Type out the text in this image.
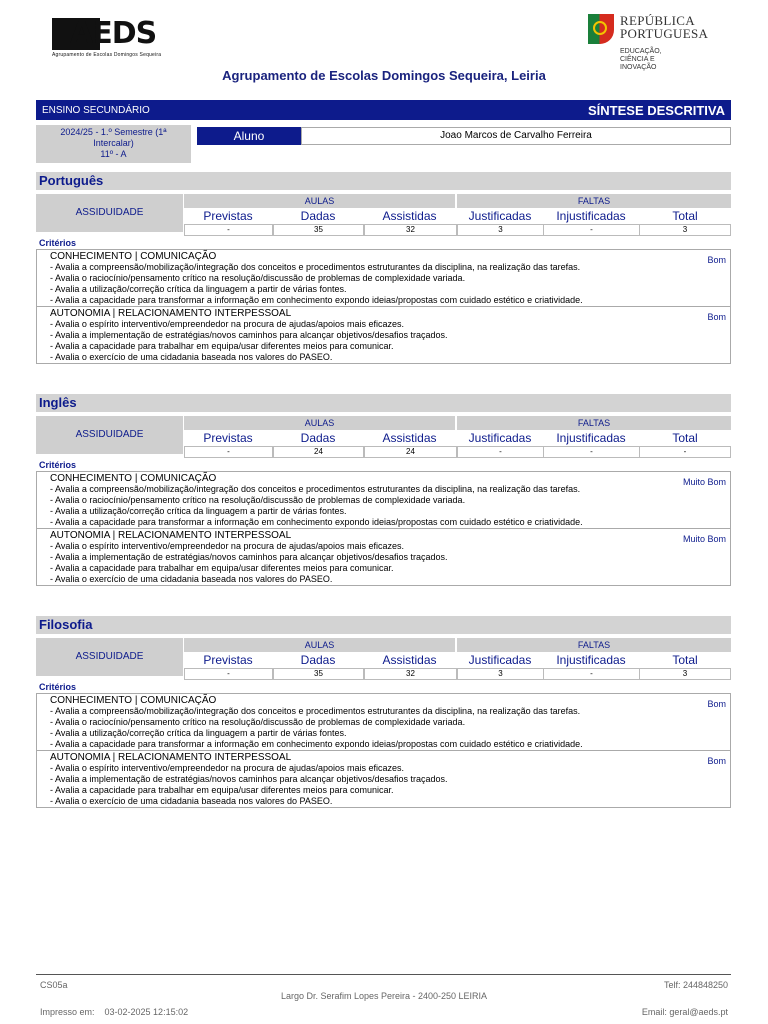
AEDS
Agrupamento de Escolas Domingos Sequeira
REPÚBLICA
PORTUGUESA
EDUCAÇÃO, CIÊNCIA E INOVAÇÃO
Agrupamento de Escolas Domingos Sequeira, Leiria
ENSINO SECUNDÁRIO	SÍNTESE DESCRITIVA
2024/25 - 1.º Semestre (1ª
Intercalar)
11º - A
Aluno	Joao Marcos de Carvalho Ferreira
Português
ASSIDUIDADE
AULAS	FALTAS
Previstas	Dadas	Assistidas	Justificadas	Injustificadas	Total
-	35	32	3	-	3
Critérios
CONHECIMENTO | COMUNICAÇÃO
- Avalia a compreensão/mobilização/integração dos conceitos e procedimentos estruturantes da disciplina, na realização das tarefas.
- Avalia o raciocínio/pensamento crítico na resolução/discussão de problemas de complexidade variada.
- Avalia a utilização/correção crítica da linguagem a partir de várias fontes.
- Avalia a capacidade para transformar a informação em conhecimento expondo ideias/propostas com cuidado estético e criatividade.
Bom
AUTONOMIA | RELACIONAMENTO INTERPESSOAL
- Avalia o espírito interventivo/empreendedor na procura de ajudas/apoios mais eficazes.
- Avalia a implementação de estratégias/novos caminhos para alcançar objetivos/desafios traçados.
- Avalia a capacidade para trabalhar em equipa/usar diferentes meios para comunicar.
- Avalia o exercício de uma cidadania baseada nos valores do PASEO.
Bom
Inglês
ASSIDUIDADE
AULAS	FALTAS
Previstas	Dadas	Assistidas	Justificadas	Injustificadas	Total
-	24	24	-	-	-
Critérios
CONHECIMENTO | COMUNICAÇÃO
- Avalia a compreensão/mobilização/integração dos conceitos e procedimentos estruturantes da disciplina, na realização das tarefas.
- Avalia o raciocínio/pensamento crítico na resolução/discussão de problemas de complexidade variada.
- Avalia a utilização/correção crítica da linguagem a partir de várias fontes.
- Avalia a capacidade para transformar a informação em conhecimento expondo ideias/propostas com cuidado estético e criatividade.
Muito Bom
AUTONOMIA | RELACIONAMENTO INTERPESSOAL
- Avalia o espírito interventivo/empreendedor na procura de ajudas/apoios mais eficazes.
- Avalia a implementação de estratégias/novos caminhos para alcançar objetivos/desafios traçados.
- Avalia a capacidade para trabalhar em equipa/usar diferentes meios para comunicar.
- Avalia o exercício de uma cidadania baseada nos valores do PASEO.
Muito Bom
Filosofia
ASSIDUIDADE
AULAS	FALTAS
Previstas	Dadas	Assistidas	Justificadas	Injustificadas	Total
-	35	32	3	-	3
Critérios
CONHECIMENTO | COMUNICAÇÃO
- Avalia a compreensão/mobilização/integração dos conceitos e procedimentos estruturantes da disciplina, na realização das tarefas.
- Avalia o raciocínio/pensamento crítico na resolução/discussão de problemas de complexidade variada.
- Avalia a utilização/correção crítica da linguagem a partir de várias fontes.
- Avalia a capacidade para transformar a informação em conhecimento expondo ideias/propostas com cuidado estético e criatividade.
Bom
AUTONOMIA | RELACIONAMENTO INTERPESSOAL
- Avalia o espírito interventivo/empreendedor na procura de ajudas/apoios mais eficazes.
- Avalia a implementação de estratégias/novos caminhos para alcançar objetivos/desafios traçados.
- Avalia a capacidade para trabalhar em equipa/usar diferentes meios para comunicar.
- Avalia o exercício de uma cidadania baseada nos valores do PASEO.
Bom
CS05a	Telf: 244848250
Largo Dr. Serafim Lopes Pereira - 2400-250 LEIRIA
Impresso em: 03-02-2025 12:15:02	Email: geral@aeds.pt
